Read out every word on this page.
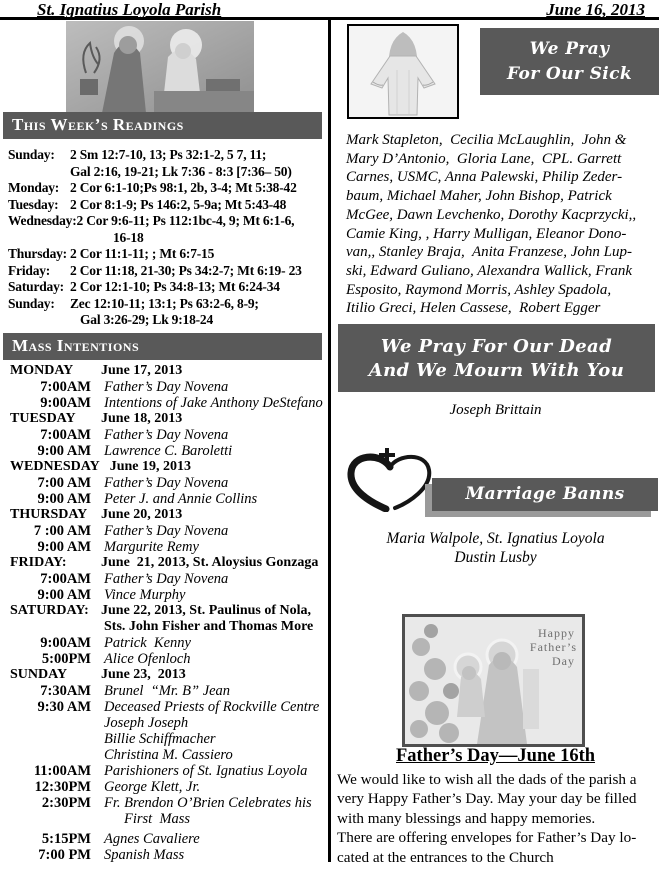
St. Ignatius Loyola Parish	June 16, 2013
This Week’s Readings
Sunday:	2 Sm 12:7-10, 13; Ps 32:1-2, 5 7, 11;
Gal 2:16, 19-21; Lk 7:36 - 8:3 [7:36– 50)
Monday: 2 Cor 6:1-10;Ps 98:1, 2b, 3-4; Mt 5:38-42
Tuesday: 2 Cor 8:1-9; Ps 146:2, 5-9a; Mt 5:43-48
Wednesday: 2 Cor 9:6-11; Ps 112:1bc-4, 9; Mt 6:1-6,
16-18
Thursday: 2 Cor 11:1-11; ; Mt 6:7-15
Friday:	2 Cor 11:18, 21-30; Ps 34:2-7; Mt 6:19- 23
Saturday: 2 Cor 12:1-10; Ps 34:8-13; Mt 6:24-34
Sunday:	Zec 12:10-11; 13:1; Ps 63:2-6, 8-9;
Gal 3:26-29; Lk 9:18-24
Mass Intentions
MONDAY	June 17, 2013
7:00AM Father’s Day Novena
9:00AM Intentions of Jake Anthony DeStefano
TUESDAY	June 18, 2013
7:00AM Father’s Day Novena
9:00 AM Lawrence C. Baroletti
WEDNESDAY June 19, 2013
7:00 AM Father’s Day Novena
9:00 AM Peter J. and Annie Collins
THURSDAY June 20, 2013
7 :00 AM Father’s Day Novena
9:00 AM Margurite Remy
FRIDAY:	June  21, 2013, St. Aloysius Gonzaga
7:00AM Father’s Day Novena
9:00 AM Vince Murphy
SATURDAY: June 22, 2013, St. Paulinus of Nola,
Sts. John Fisher and Thomas More
9:00AM Patrick  Kenny
5:00PM Alice Ofenloch
SUNDAY	June 23,  2013
7:30AM Brunel  “Mr. B” Jean
9:30 AM Deceased Priests of Rockville Centre
Joseph Joseph
Billie Schiffmacher
Christina M. Cassiero
11:00AM Parishioners of St. Ignatius Loyola
12:30PM George Klett, Jr.
2:30PM Fr. Brendon O’Brien Celebrates his
First  Mass
5:15PM Agnes Cavaliere
7:00 PM Spanish Mass
We Pray
For Our Sick
Mark Stapleton,  Cecilia McLaughlin,  John &
Mary D’Antonio,  Gloria Lane,  CPL. Garrett
Carnes, USMC, Anna Palewski, Philip Zeder-
baum, Michael Maher, John Bishop, Patrick
McGee, Dawn Levchenko, Dorothy Kacprzycki,,
Camie King, , Harry Mulligan, Eleanor Dono-
van,, Stanley Braja,  Anita Franzese, John Lup-
ski, Edward Guliano, Alexandra Wallick, Frank
Esposito, Raymond Morris, Ashley Spadola,
Itilio Greci, Helen Cassese,  Robert Egger
We Pray For Our Dead
And We Mourn With You
Joseph Brittain
Marriage Banns
Maria Walpole, St. Ignatius Loyola
Dustin Lusby
Happy
Father’s
Day
Father’s Day—June 16th
We would like to wish all the dads of the parish a
very Happy Father’s Day. May your day be filled
with many blessings and happy memories.
There are offering envelopes for Father’s Day lo-
cated at the entrances to the Church
